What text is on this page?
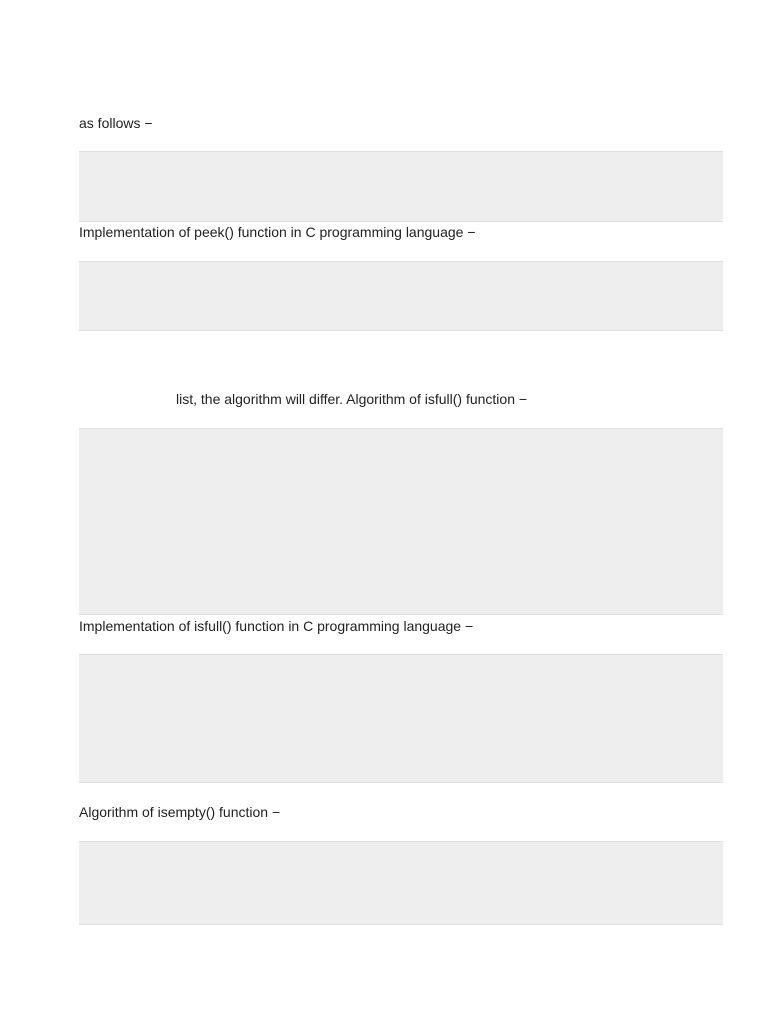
as follows −
Implementation of peek() function in C programming language −
list, the algorithm will differ. Algorithm of isfull() function −
Implementation of isfull() function in C programming language −
Algorithm of isempty() function −
